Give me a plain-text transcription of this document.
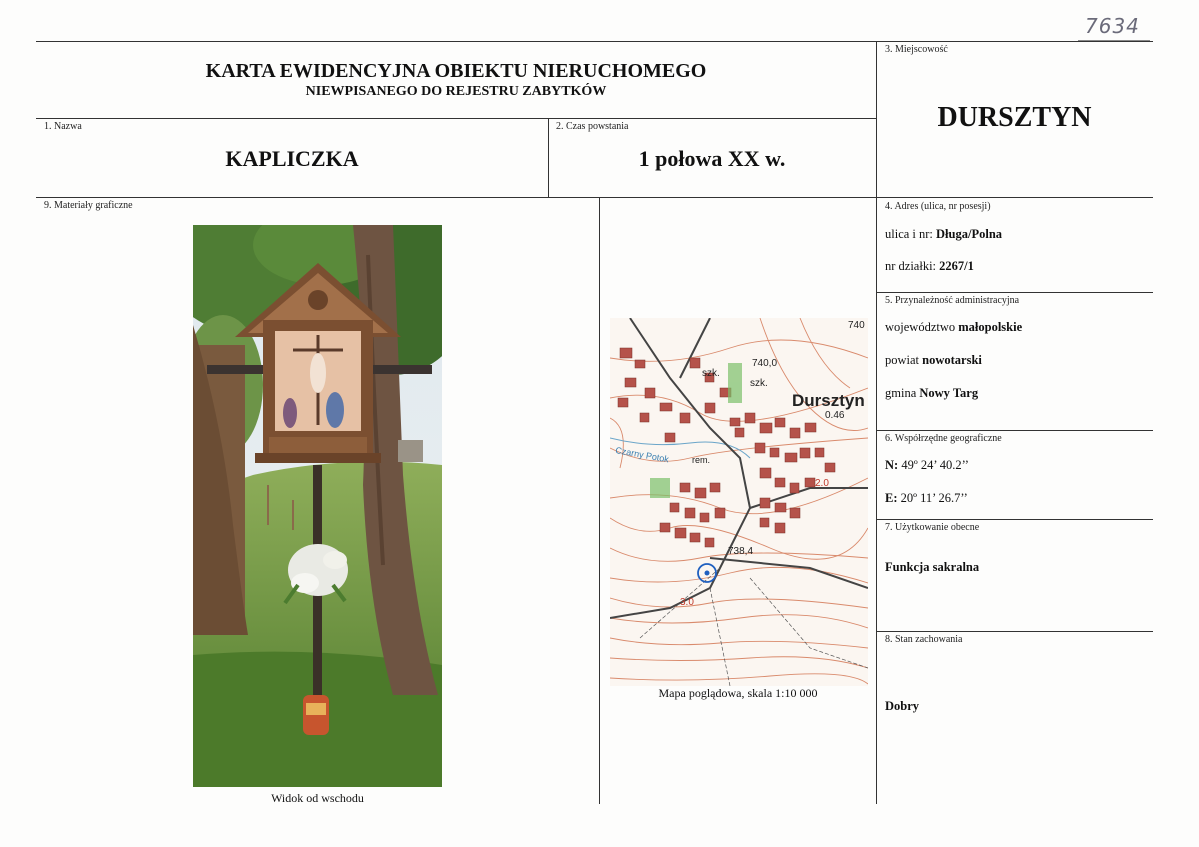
7634
KARTA EWIDENCYJNA OBIEKTU NIERUCHOMEGO
NIEWPISANEGO DO REJESTRU ZABYTKÓW
1. Nazwa
KAPLICZKA
2. Czas powstania
1 połowa XX w.
3. Miejscowość
DURSZTYN
4. Adres (ulica, nr posesji)
ulica i nr: Długa/Polna
nr działki: 2267/1
5. Przynależność administracyjna
województwo małopolskie
powiat nowotarski
gmina Nowy Targ
6. Współrzędne geograficzne
N: 49º 24’ 40.2’’
E: 20º 11’ 26.7’’
7. Użytkowanie obecne
Funkcja sakralna
8. Stan zachowania
Dobry
9. Materiały graficzne
Widok od wschodu
Dursztyn
0.46
740,0
738,4
740
szk.
szk.
rem.
Czarny Potok
2.0
3.0
Mapa poglądowa, skala 1:10 000
